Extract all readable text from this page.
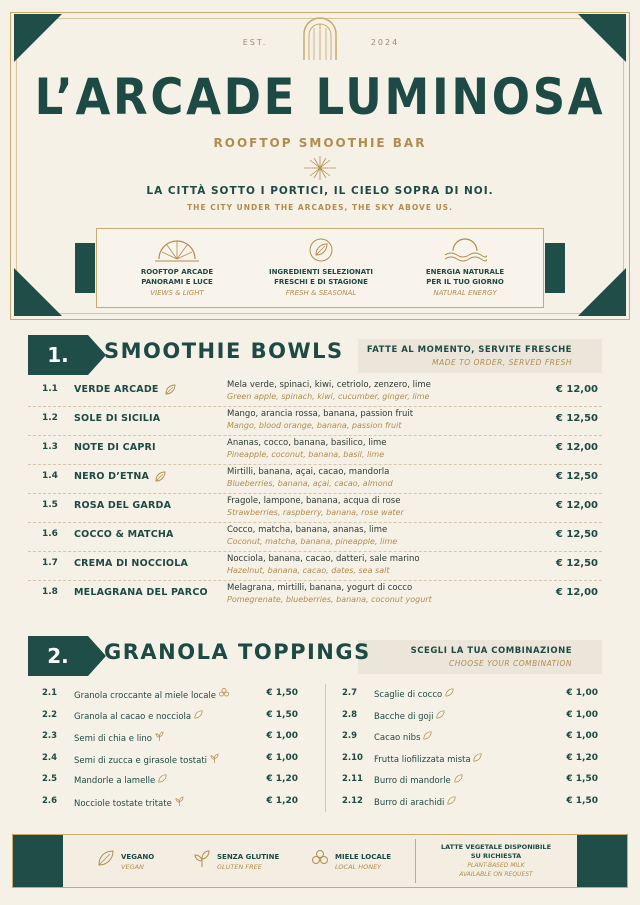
EST.	2024
L’ARCADE LUMINOSA
ROOFTOP SMOOTHIE BAR
LA CITTÀ SOTTO I PORTICI, IL CIELO SOPRA DI NOI.
THE CITY UNDER THE ARCADES, THE SKY ABOVE US.
ROOFTOP ARCADE
PANORAMI E LUCE
VIEWS & LIGHT
INGREDIENTI SELEZIONATI
FRESCHI E DI STAGIONE
FRESH & SEASONAL
ENERGIA NATURALE
PER IL TUO GIORNO
NATURAL ENERGY
1.	SMOOTHIE BOWLS	FATTE AL MOMENTO, SERVITE FRESCHE
MADE TO ORDER, SERVED FRESH
1.1 VERDE ARCADE	Mela verde, spinaci, kiwi, cetriolo, zenzero, lime
Green apple, spinach, kiwi, cucumber, ginger, lime
€ 12,00
1.2 SOLE DI SICILIA	Mango, arancia rossa, banana, passion fruit
Mango, blood orange, banana, passion fruit
€ 12,50
1.3 NOTE DI CAPRI	Ananas, cocco, banana, basilico, lime
Pineapple, coconut, banana, basil, lime
€ 12,00
1.4 NERO D’ETNA	Mirtilli, banana, açai, cacao, mandorla
Blueberries, banana, açai, cacao, almond
€ 12,50
1.5 ROSA DEL GARDA	Fragole, lampone, banana, acqua di rose
Strawberries, raspberry, banana, rose water
€ 12,00
1.6 COCCO & MATCHA	Cocco, matcha, banana, ananas, lime
Coconut, matcha, banana, pineapple, lime
€ 12,50
1.7 CREMA DI NOCCIOLA	Nocciola, banana, cacao, datteri, sale marino
Hazelnut, banana, cacao, dates, sea salt
€ 12,50
1.8 MELAGRANA DEL PARCO Melagrana, mirtilli, banana, yogurt di cocco
Pomegrenate, blueberries, banana, coconut yogurt
€ 12,00
2.	GRANOLA TOPPINGS	SCEGLI LA TUA COMBINAZIONE
CHOOSE YOUR COMBINATION
2.1 Granola croccante al miele locale	€ 1,50
2.2 Granola al cacao e nocciola	€ 1,50
2.3 Semi di chia e lino	€ 1,00
2.4 Semi di zucca e girasole tostati	€ 1,00
2.5 Mandorle a lamelle	€ 1,20
2.6 Nocciole tostate tritate	€ 1,20
2.7 Scaglie di cocco	€ 1,00
2.8 Bacche di goji	€ 1,00
2.9 Cacao nibs	€ 1,00
2.10 Frutta liofilizzata mista	€ 1,20
2.11 Burro di mandorle	€ 1,50
2.12 Burro di arachidi	€ 1,50
VEGANO
VEGAN
SENZA GLUTINE
GLUTEN FREE
MIELE LOCALE
LOCAL HONEY
LATTE VEGETALE DISPONIBILE
SU RICHIESTA
PLANT-BASED MILK
AVAILABLE ON REQUEST
